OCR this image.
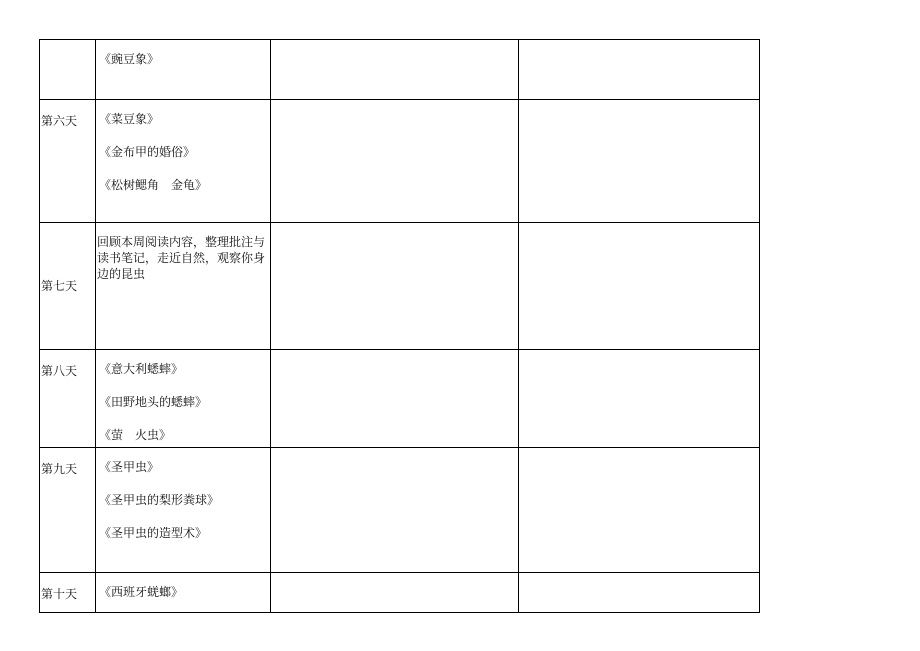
	《豌豆象》		

第六天	《菜豆象》
《金布甲的婚俗》
《松树鳃角　金龟》		

第七天	回顾本周阅读内容，整理批注与读书笔记，走近自然，观察你身边的昆虫		
第八天	《意大利蟋蟀》
《田野地头的蟋蟀》
《萤　火虫》		

第九天	《圣甲虫》
《圣甲虫的梨形粪球》
《圣甲虫的造型术》		

第十天	《西班牙蜣螂》		
